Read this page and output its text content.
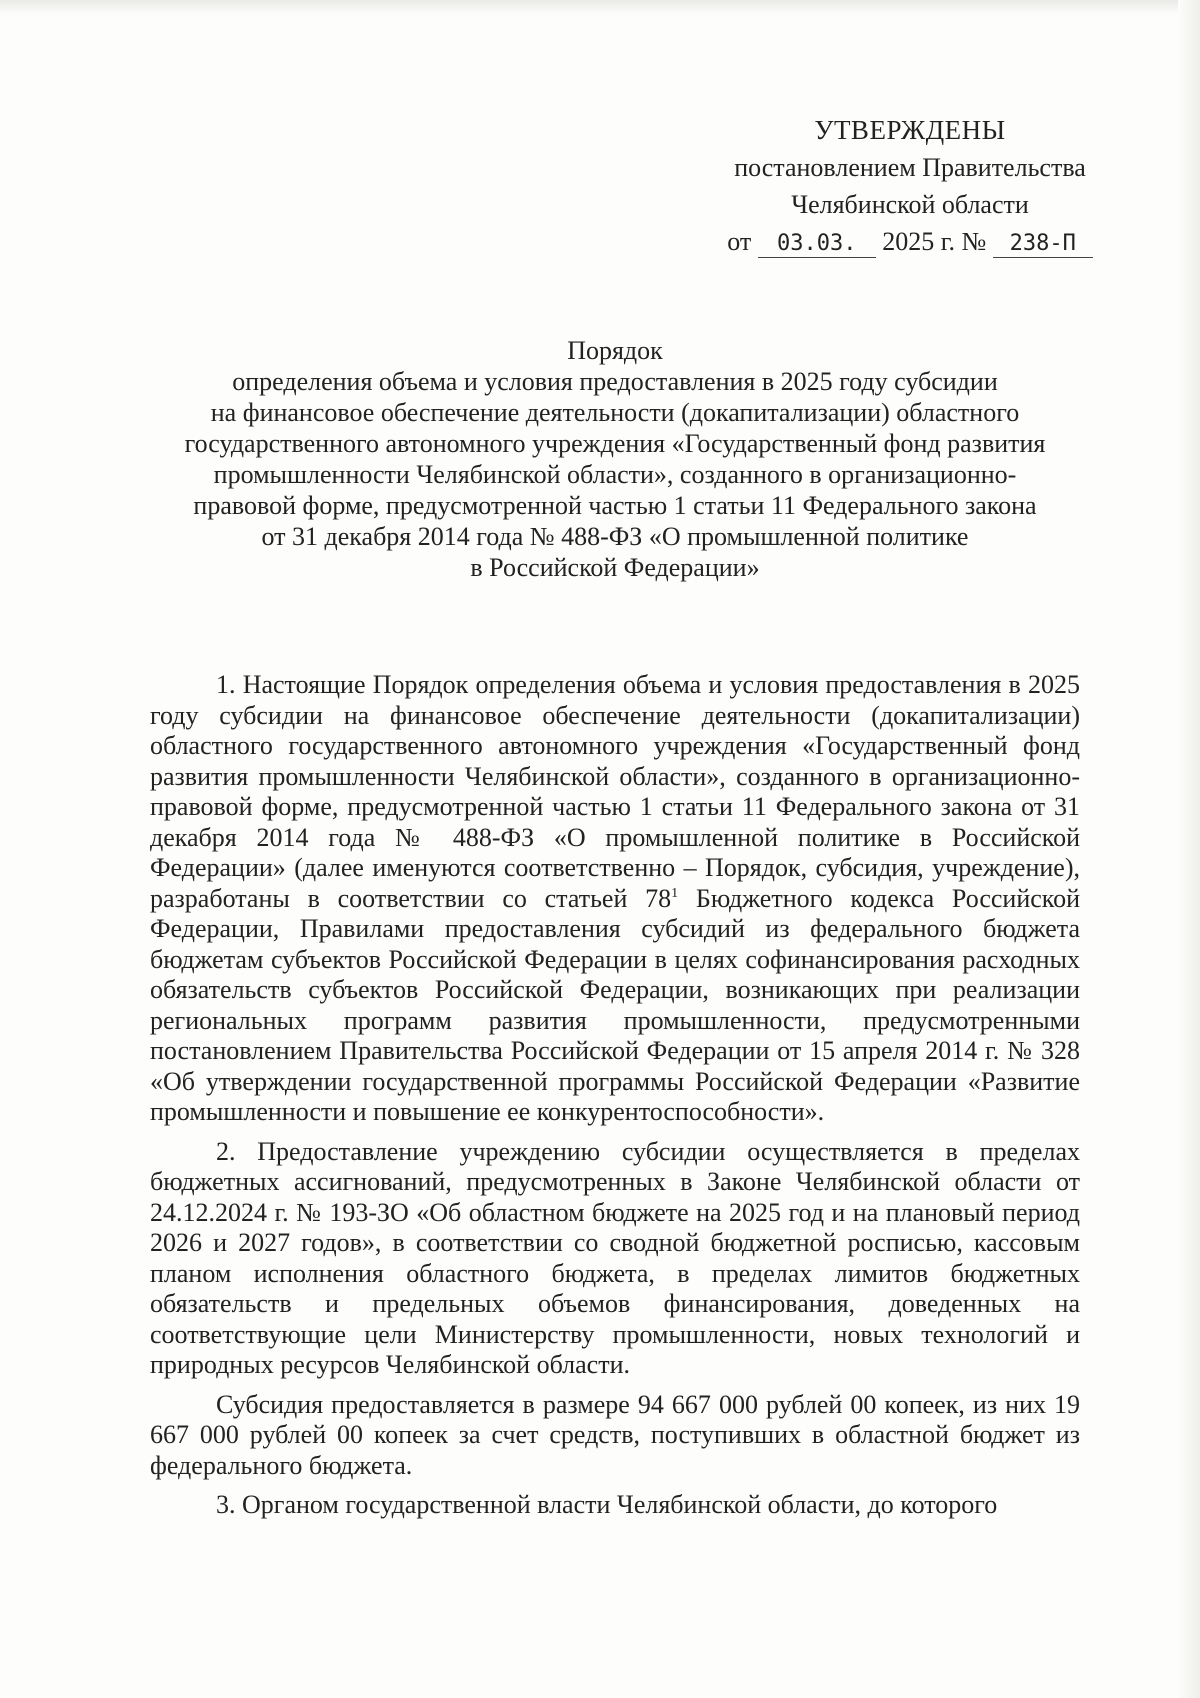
УТВЕРЖДЕНЫ
постановлением Правительства
Челябинской области
от 03.03. 2025 г. № 238-П
Порядок
определения объема и условия предоставления в 2025 году субсидии
на финансовое обеспечение деятельности (докапитализации) областного
государственного автономного учреждения «Государственный фонд развития
промышленности Челябинской области», созданного в организационно-
правовой форме, предусмотренной частью 1 статьи 11 Федерального закона
от 31 декабря 2014 года № 488-ФЗ «О промышленной политике
в Российской Федерации»

1. Настоящие Порядок определения объема и условия предоставления в 2025 году субсидии на финансовое обеспечение деятельности (докапитализации) областного государственного автономного учреждения «Государственный фонд развития промышленности Челябинской области», созданного в организационно-правовой форме, предусмотренной частью 1 статьи 11 Федерального закона от 31 декабря 2014 года № 488-ФЗ «О промышленной политике в Российской Федерации» (далее именуются соответственно – Порядок, субсидия, учреждение), разработаны в соответствии со статьей $78^1$ Бюджетного кодекса Российской Федерации, Правилами предоставления субсидий из федерального бюджета бюджетам субъектов Российской Федерации в целях софинансирования расходных обязательств субъектов Российской Федерации, возникающих при реализации региональных программ развития промышленности, предусмотренными постановлением Правительства Российской Федерации от 15 апреля 2014 г. № 328 «Об утверждении государственной программы Российской Федерации «Развитие промышленности и повышение ее конкурентоспособности».

2. Предоставление учреждению субсидии осуществляется в пределах бюджетных ассигнований, предусмотренных в Законе Челябинской области от 24.12.2024 г. № 193-ЗО «Об областном бюджете на 2025 год и на плановый период 2026 и 2027 годов», в соответствии со сводной бюджетной росписью, кассовым планом исполнения областного бюджета, в пределах лимитов бюджетных обязательств и предельных объемов финансирования, доведенных на соответствующие цели Министерству промышленности, новых технологий и природных ресурсов Челябинской области.

Субсидия предоставляется в размере 94 667 000 рублей 00 копеек, из них 19 667 000 рублей 00 копеек за счет средств, поступивших в областной бюджет из федерального бюджета.

3. Органом государственной власти Челябинской области, до которого
